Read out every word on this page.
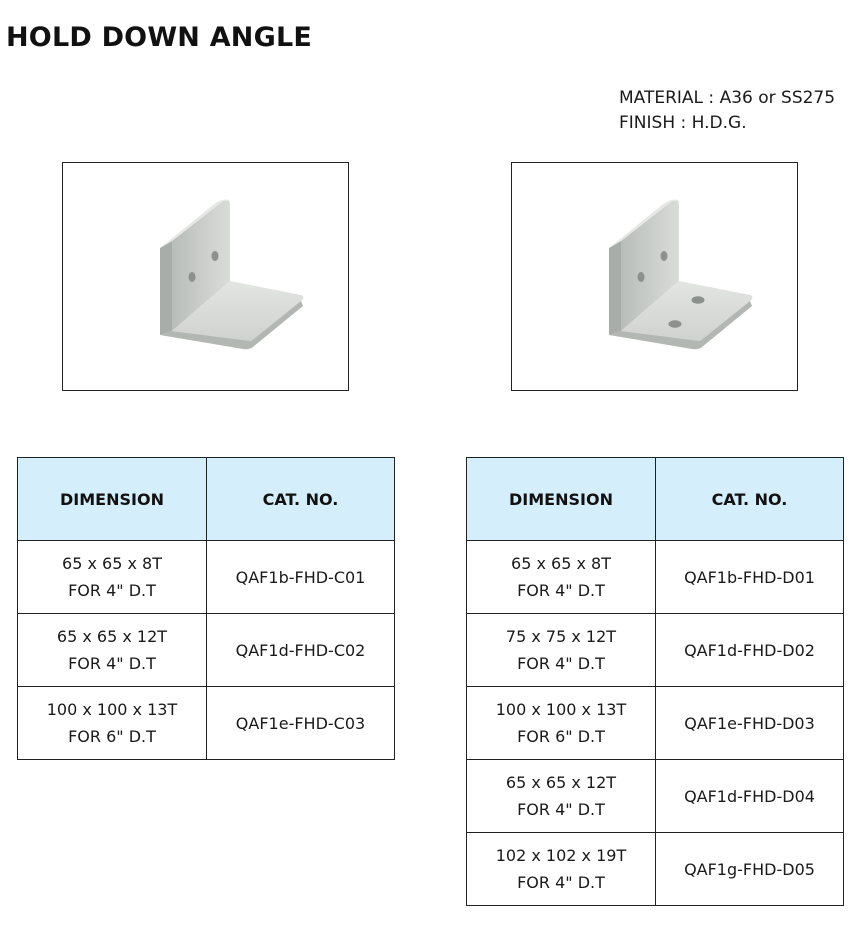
HOLD DOWN ANGLE
MATERIAL : A36 or SS275
FINISH : H.D.G.
DIMENSION	CAT. NO.

65 x 65 x 8T
FOR 4" D.T	QAF1b-FHD-C01

65 x 65 x 12T
FOR 4" D.T	QAF1d-FHD-C02

100 x 100 x 13T
FOR 6" D.T	QAF1e-FHD-C03
DIMENSION	CAT. NO.

65 x 65 x 8T
FOR 4" D.T	QAF1b-FHD-D01

75 x 75 x 12T
FOR 4" D.T	QAF1d-FHD-D02

100 x 100 x 13T
FOR 6" D.T	QAF1e-FHD-D03

65 x 65 x 12T
FOR 4" D.T	QAF1d-FHD-D04

102 x 102 x 19T
FOR 4" D.T	QAF1g-FHD-D05
